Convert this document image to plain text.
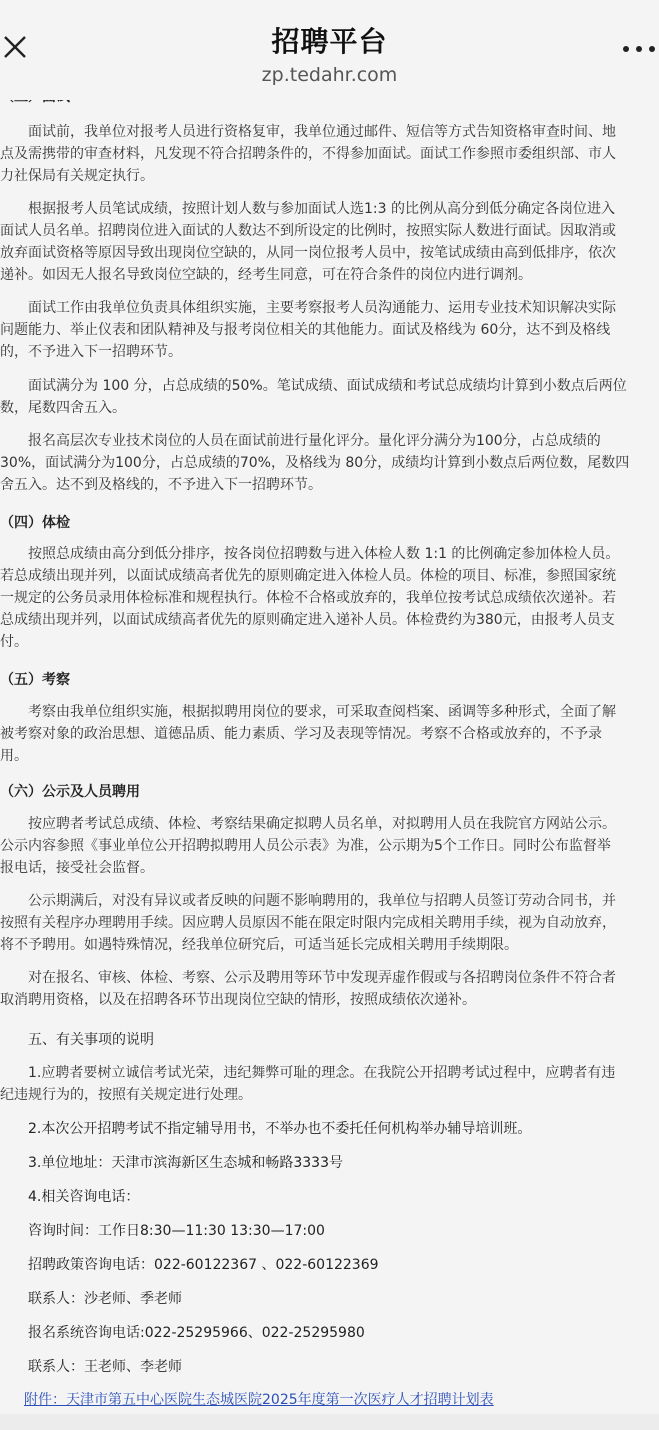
招聘平台
zp.tedahr.com
　　面试前，我单位对报考人员进行资格复审，我单位通过邮件、短信等方式告知资格审查时间、地
点及需携带的审查材料，凡发现不符合招聘条件的，不得参加面试。面试工作参照市委组织部、市人
力社保局有关规定执行。
　　根据报考人员笔试成绩，按照计划人数与参加面试人选1:3 的比例从高分到低分确定各岗位进入
面试人员名单。招聘岗位进入面试的人数达不到所设定的比例时，按照实际人数进行面试。因取消或
放弃面试资格等原因导致出现岗位空缺的，从同一岗位报考人员中，按笔试成绩由高到低排序，依次
递补。如因无人报名导致岗位空缺的，经考生同意，可在符合条件的岗位内进行调剂。
　　面试工作由我单位负责具体组织实施，主要考察报考人员沟通能力、运用专业技术知识解决实际
问题能力、举止仪表和团队精神及与报考岗位相关的其他能力。面试及格线为 60分，达不到及格线
的，不予进入下一招聘环节。
　　面试满分为 100 分，占总成绩的50%。笔试成绩、面试成绩和考试总成绩均计算到小数点后两位
数，尾数四舍五入。
　　报名高层次专业技术岗位的人员在面试前进行量化评分。量化评分满分为100分，占总成绩的
30%，面试满分为100分，占总成绩的70%，及格线为 80分，成绩均计算到小数点后两位数，尾数四
舍五入。达不到及格线的，不予进入下一招聘环节。
（四）体检
　　按照总成绩由高分到低分排序，按各岗位招聘数与进入体检人数 1:1 的比例确定参加体检人员。
若总成绩出现并列，以面试成绩高者优先的原则确定进入体检人员。体检的项目、标准，参照国家统
一规定的公务员录用体检标准和规程执行。体检不合格或放弃的，我单位按考试总成绩依次递补。若
总成绩出现并列，以面试成绩高者优先的原则确定进入递补人员。体检费约为380元，由报考人员支
付。
（五）考察
　　考察由我单位组织实施，根据拟聘用岗位的要求，可采取查阅档案、函调等多种形式，全面了解
被考察对象的政治思想、道德品质、能力素质、学习及表现等情况。考察不合格或放弃的，不予录
用。
（六）公示及人员聘用
　　按应聘者考试总成绩、体检、考察结果确定拟聘人员名单，对拟聘用人员在我院官方网站公示。
公示内容参照《事业单位公开招聘拟聘用人员公示表》为准，公示期为5个工作日。同时公布监督举
报电话，接受社会监督。
　　公示期满后，对没有异议或者反映的问题不影响聘用的，我单位与招聘人员签订劳动合同书，并
按照有关程序办理聘用手续。因应聘人员原因不能在限定时限内完成相关聘用手续，视为自动放弃，
将不予聘用。如遇特殊情况，经我单位研究后，可适当延长完成相关聘用手续期限。
　　对在报名、审核、体检、考察、公示及聘用等环节中发现弄虚作假或与各招聘岗位条件不符合者
取消聘用资格，以及在招聘各环节出现岗位空缺的情形，按照成绩依次递补。
　　五、有关事项的说明
　　1.应聘者要树立诚信考试光荣，违纪舞弊可耻的理念。在我院公开招聘考试过程中，应聘者有违
纪违规行为的，按照有关规定进行处理。
　　2.本次公开招聘考试不指定辅导用书，不举办也不委托任何机构举办辅导培训班。
　　3.单位地址：天津市滨海新区生态城和畅路3333号
　　4.相关咨询电话：
　　咨询时间：工作日8:30—11:30 13:30—17:00
　　招聘政策咨询电话：022-60122367 、022-60122369
　　联系人：沙老师、季老师
　　报名系统咨询电话:022-25295966、022-25295980
　　联系人：王老师、李老师
附件：天津市第五中心医院生态城医院2025年度第一次医疗人才招聘计划表
